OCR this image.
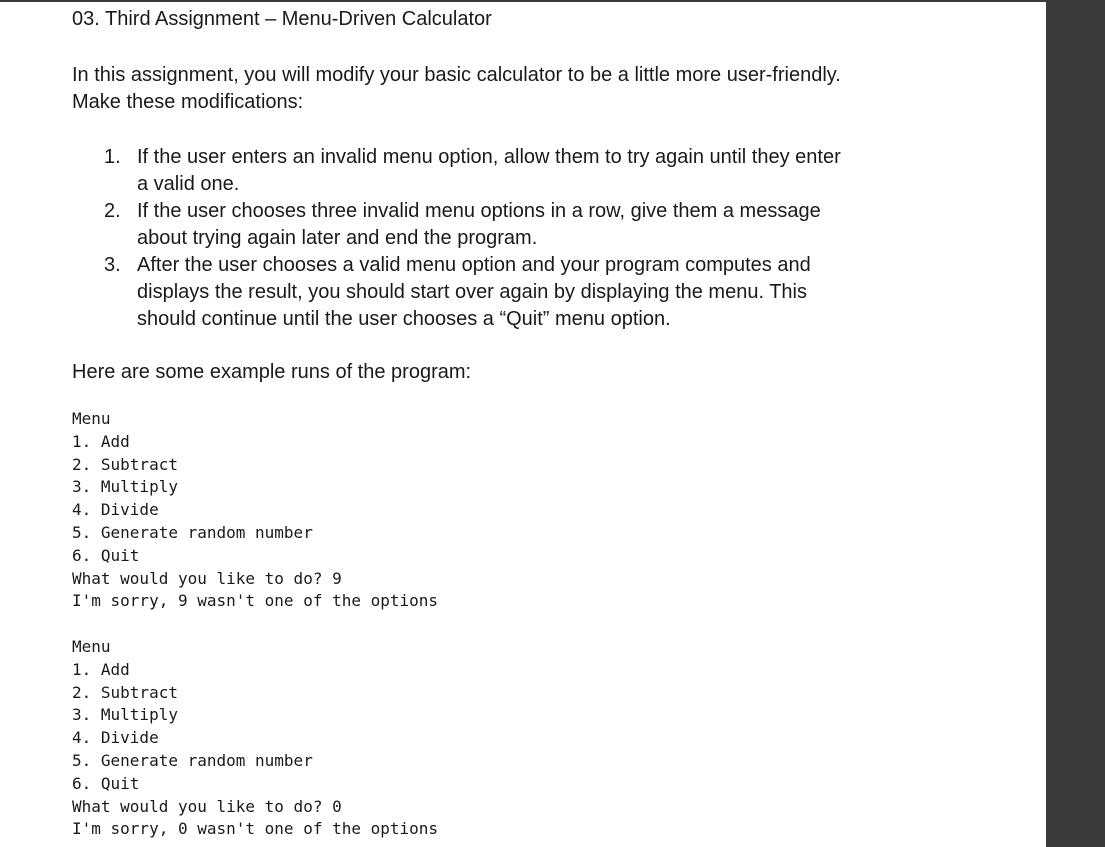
03. Third Assignment – Menu-Driven Calculator

In this assignment, you will modify your basic calculator to be a little more user-friendly.
Make these modifications:

1. If the user enters an invalid menu option, allow them to try again until they enter
a valid one.
2. If the user chooses three invalid menu options in a row, give them a message
about trying again later and end the program.
3. After the user chooses a valid menu option and your program computes and
displays the result, you should start over again by displaying the menu. This
should continue until the user chooses a “Quit” menu option.

Here are some example runs of the program:

Menu
1. Add
2. Subtract
3. Multiply
4. Divide
5. Generate random number
6. Quit
What would you like to do? 9
I'm sorry, 9 wasn't one of the options
Menu
1. Add
2. Subtract
3. Multiply
4. Divide
5. Generate random number
6. Quit
What would you like to do? 0
I'm sorry, 0 wasn't one of the options
